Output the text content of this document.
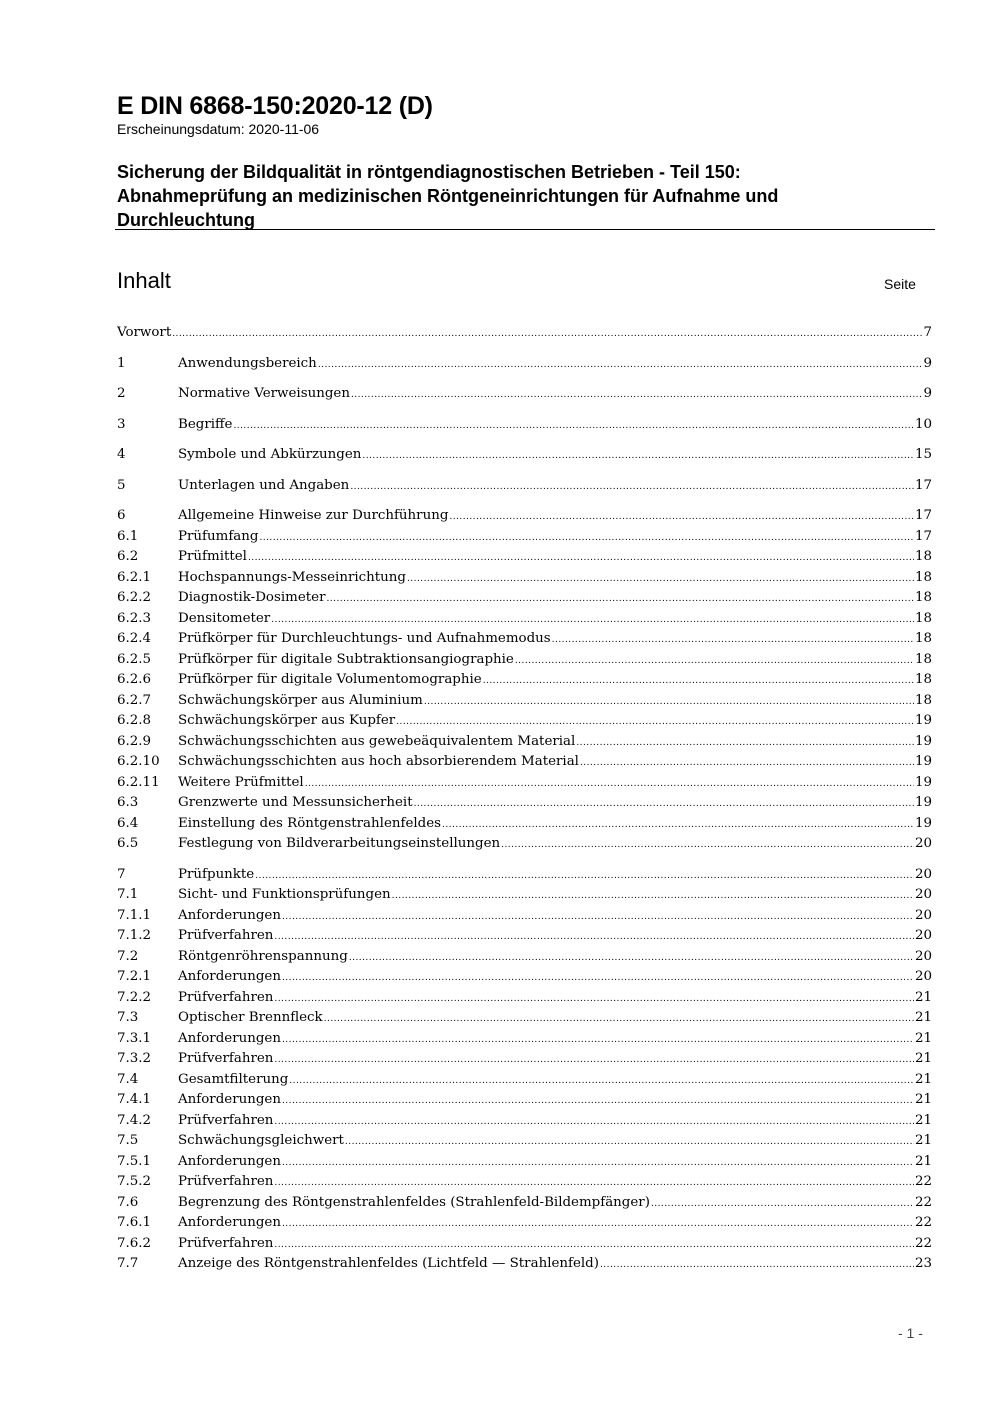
E DIN 6868-150:2020-12 (D)
Erscheinungsdatum: 2020-11-06
Sicherung der Bildqualität in röntgendiagnostischen Betrieben - Teil 150:
Abnahmeprüfung an medizinischen Röntgeneinrichtungen für Aufnahme und
Durchleuchtung
Inhalt	Seite
Vorwort . . .	7
1	Anwendungsbereich . . .	9
2	Normative Verweisungen . . .	9
3	Begriffe . . .	10
4	Symbole und Abkürzungen . . .	15
5	Unterlagen und Angaben . . .	17
6	Allgemeine Hinweise zur Durchführung . . .	17
6.1	Prüfumfang . . .	17
6.2	Prüfmittel . . .	18
6.2.1	Hochspannungs-Messeinrichtung . . .	18
6.2.2	Diagnostik-Dosimeter . . .	18
6.2.3	Densitometer . . .	18
6.2.4	Prüfkörper für Durchleuchtungs- und Aufnahmemodus . . .	18
6.2.5	Prüfkörper für digitale Subtraktionsangiographie . . .	18
6.2.6	Prüfkörper für digitale Volumentomographie . . .	18
6.2.7	Schwächungskörper aus Aluminium . . .	18
6.2.8	Schwächungskörper aus Kupfer . . .	19
6.2.9	Schwächungsschichten aus gewebeäquivalentem Material . . .	19
6.2.10	Schwächungsschichten aus hoch absorbierendem Material . . .	19
6.2.11	Weitere Prüfmittel . . .	19
6.3	Grenzwerte und Messunsicherheit . . .	19
6.4	Einstellung des Röntgenstrahlenfeldes . . .	19
6.5	Festlegung von Bildverarbeitungseinstellungen . . .	20
7	Prüfpunkte . . .	20
7.1	Sicht- und Funktionsprüfungen . . .	20
7.1.1	Anforderungen . . .	20
7.1.2	Prüfverfahren . . .	20
7.2	Röntgenröhrenspannung . . .	20
7.2.1	Anforderungen . . .	20
7.2.2	Prüfverfahren . . .	21
7.3	Optischer Brennfleck . . .	21
7.3.1	Anforderungen . . .	21
7.3.2	Prüfverfahren . . .	21
7.4	Gesamtfilterung . . .	21
7.4.1	Anforderungen . . .	21
7.4.2	Prüfverfahren . . .	21
7.5	Schwächungsgleichwert . . .	21
7.5.1	Anforderungen . . .	21
7.5.2	Prüfverfahren . . .	22
7.6	Begrenzung des Röntgenstrahlenfeldes (Strahlenfeld-Bildempfänger) . . .	22
7.6.1	Anforderungen . . .	22
7.6.2	Prüfverfahren . . .	22
7.7	Anzeige des Röntgenstrahlenfeldes (Lichtfeld — Strahlenfeld) . . .	23
- 1 -
